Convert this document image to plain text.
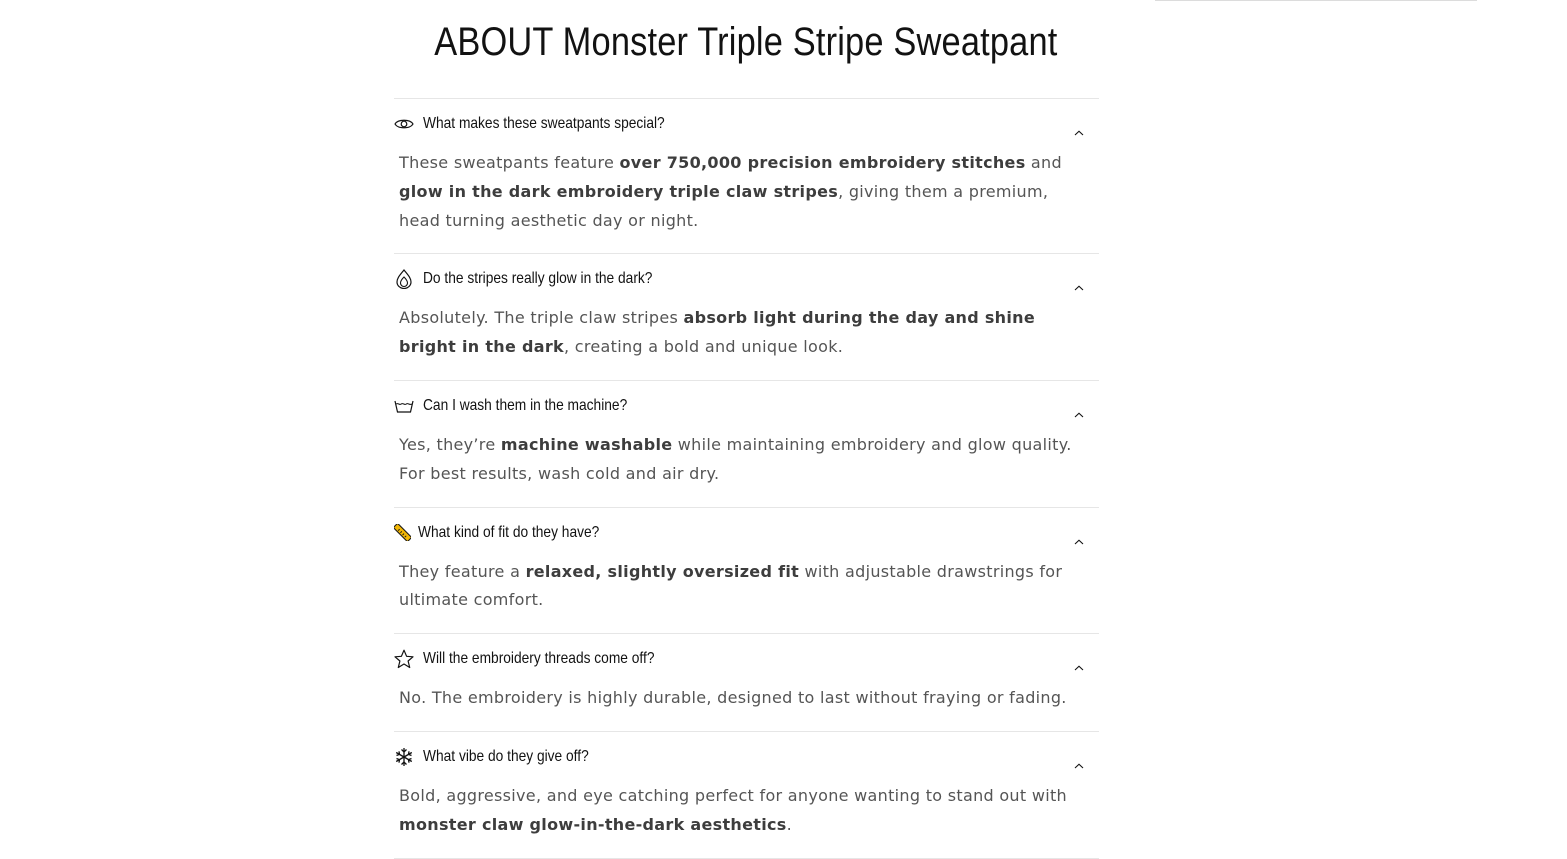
ABOUT Monster Triple Stripe Sweatpant
What makes these sweatpants special?
These sweatpants feature over 750,000 precision embroidery stitches and glow in the dark embroidery triple claw stripes, giving them a premium, head turning aesthetic day or night.
Do the stripes really glow in the dark?
Absolutely. The triple claw stripes absorb light during the day and shine bright in the dark, creating a bold and unique look.
Can I wash them in the machine?
Yes, they’re machine washable while maintaining embroidery and glow quality. For best results, wash cold and air dry.
What kind of fit do they have?
They feature a relaxed, slightly oversized fit with adjustable drawstrings for ultimate comfort.
Will the embroidery threads come off?
No. The embroidery is highly durable, designed to last without fraying or fading.
What vibe do they give off?
Bold, aggressive, and eye catching perfect for anyone wanting to stand out with monster claw glow-in-the-dark aesthetics.
